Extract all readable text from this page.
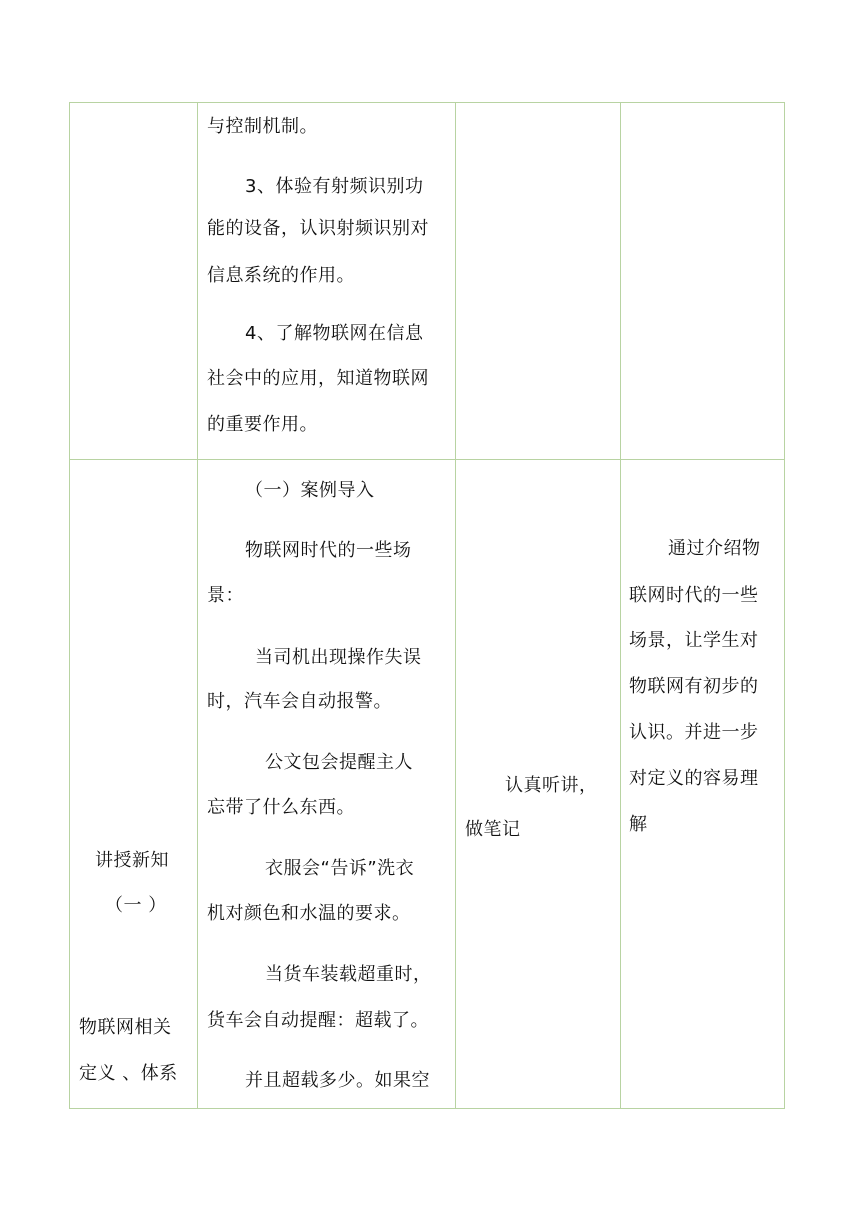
与控制机制。
3、体验有射频识别功
能的设备，认识射频识别对
信息系统的作用。
4、了解物联网在信息
社会中的应用，知道物联网
的重要作用。
讲授新知
（一 ）
物联网相关
定义 、体系
（一）案例导入
物联网时代的一些场
景：
当司机出现操作失误
时，汽车会自动报警。
公文包会提醒主人
忘带了什么东西。
衣服会“告诉”洗衣
机对颜色和水温的要求。
当货车装载超重时，
货车会自动提醒：超载了。
并且超载多少。如果空
认真听讲，
做笔记
通过介绍物
联网时代的一些
场景，让学生对
物联网有初步的
认识。并进一步
对定义的容易理
解
